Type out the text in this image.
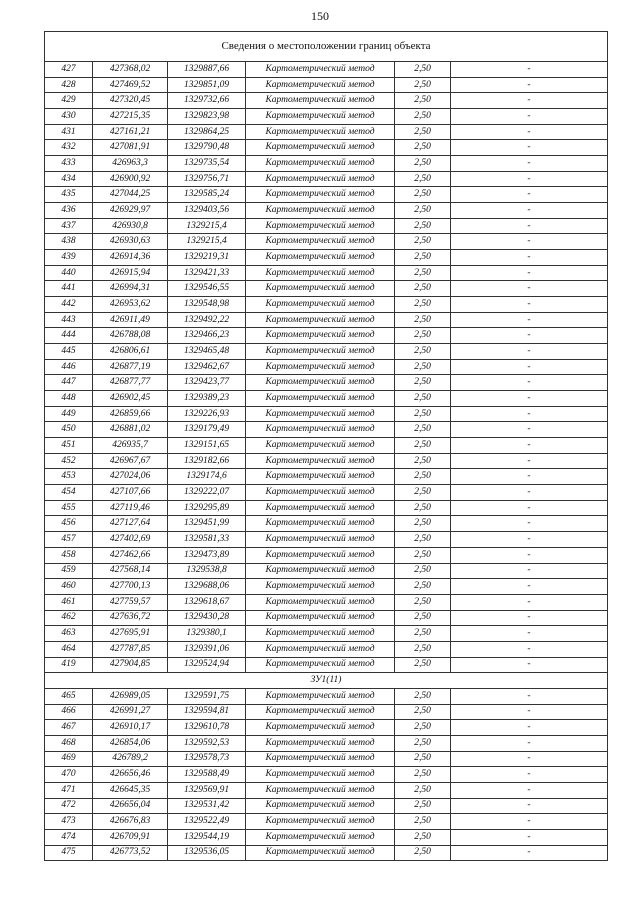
150
Сведения о местоположении границ объекта					
427	427368,02	1329887,66	Картометрический метод	2,50	-
428	427469,52	1329851,09	Картометрический метод	2,50	-
429	427320,45	1329732,66	Картометрический метод	2,50	-
430	427215,35	1329823,98	Картометрический метод	2,50	-
431	427161,21	1329864,25	Картометрический метод	2,50	-
432	427081,91	1329790,48	Картометрический метод	2,50	-
433	426963,3	1329735,54	Картометрический метод	2,50	-
434	426900,92	1329756,71	Картометрический метод	2,50	-
435	427044,25	1329585,24	Картометрический метод	2,50	-
436	426929,97	1329403,56	Картометрический метод	2,50	-
437	426930,8	1329215,4	Картометрический метод	2,50	-
438	426930,63	1329215,4	Картометрический метод	2,50	-
439	426914,36	1329219,31	Картометрический метод	2,50	-
440	426915,94	1329421,33	Картометрический метод	2,50	-
441	426994,31	1329546,55	Картометрический метод	2,50	-
442	426953,62	1329548,98	Картометрический метод	2,50	-
443	426911,49	1329492,22	Картометрический метод	2,50	-
444	426788,08	1329466,23	Картометрический метод	2,50	-
445	426806,61	1329465,48	Картометрический метод	2,50	-
446	426877,19	1329462,67	Картометрический метод	2,50	-
447	426877,77	1329423,77	Картометрический метод	2,50	-
448	426902,45	1329389,23	Картометрический метод	2,50	-
449	426859,66	1329226,93	Картометрический метод	2,50	-
450	426881,02	1329179,49	Картометрический метод	2,50	-
451	426935,7	1329151,65	Картометрический метод	2,50	-
452	426967,67	1329182,66	Картометрический метод	2,50	-
453	427024,06	1329174,6	Картометрический метод	2,50	-
454	427107,66	1329222,07	Картометрический метод	2,50	-
455	427119,46	1329295,89	Картометрический метод	2,50	-
456	427127,64	1329451,99	Картометрический метод	2,50	-
457	427402,69	1329581,33	Картометрический метод	2,50	-
458	427462,66	1329473,89	Картометрический метод	2,50	-
459	427568,14	1329538,8	Картометрический метод	2,50	-
460	427700,13	1329688,06	Картометрический метод	2,50	-
461	427759,57	1329618,67	Картометрический метод	2,50	-
462	427636,72	1329430,28	Картометрический метод	2,50	-
463	427695,91	1329380,1	Картометрический метод	2,50	-
464	427787,85	1329391,06	Картометрический метод	2,50	-
419	427904,85	1329524,94	Картометрический метод	2,50	-
ЗУ1(11)					
465	426989,05	1329591,75	Картометрический метод	2,50	-
466	426991,27	1329594,81	Картометрический метод	2,50	-
467	426910,17	1329610,78	Картометрический метод	2,50	-
468	426854,06	1329592,53	Картометрический метод	2,50	-
469	426789,2	1329578,73	Картометрический метод	2,50	-
470	426656,46	1329588,49	Картометрический метод	2,50	-
471	426645,35	1329569,91	Картометрический метод	2,50	-
472	426656,04	1329531,42	Картометрический метод	2,50	-
473	426676,83	1329522,49	Картометрический метод	2,50	-
474	426709,91	1329544,19	Картометрический метод	2,50	-
475	426773,52	1329536,05	Картометрический метод	2,50	-
